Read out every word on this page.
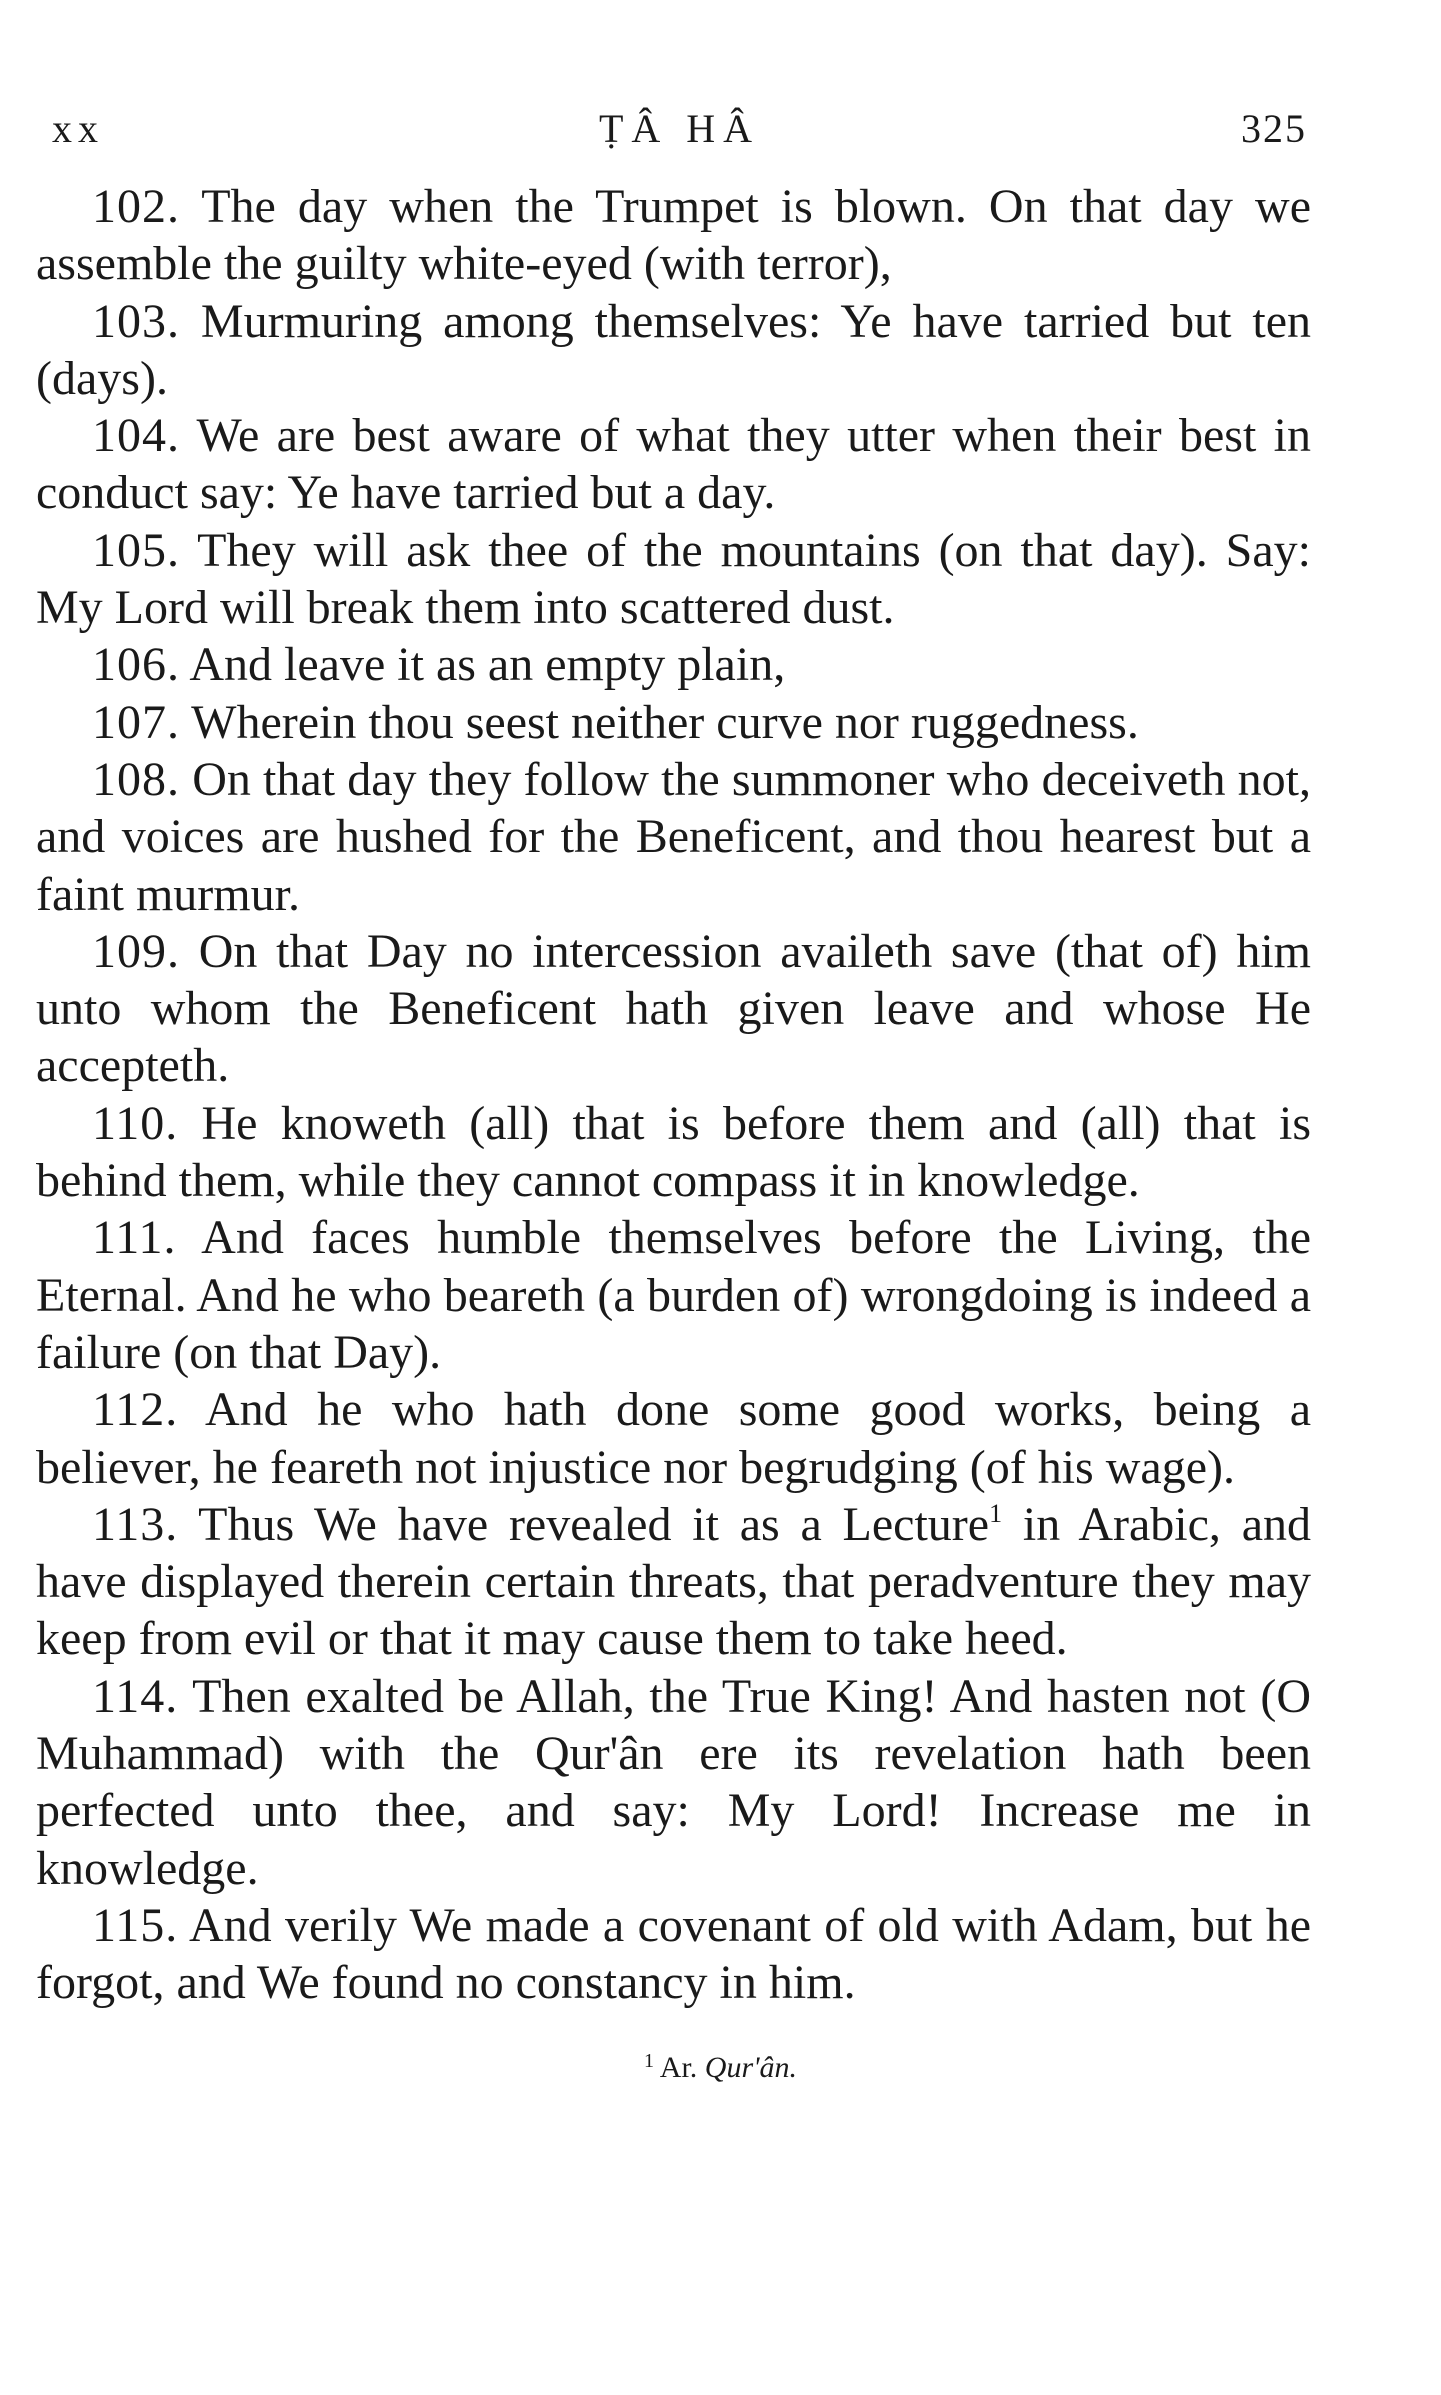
xx	ṬÂ HÂ	325

102. The day when the Trumpet is blown. On that day we assemble the guilty white-eyed (with terror),

103. Murmuring among themselves: Ye have tarried but ten (days).

104. We are best aware of what they utter when their best in conduct say: Ye have tarried but a day.

105. They will ask thee of the mountains (on that day). Say: My Lord will break them into scattered dust.

106. And leave it as an empty plain,

107. Wherein thou seest neither curve nor ruggedness.

108. On that day they follow the summoner who deceiveth not, and voices are hushed for the Beneficent, and thou hearest but a faint murmur.

109. On that Day no intercession availeth save (that of) him unto whom the Beneficent hath given leave and whose He accepteth.

110. He knoweth (all) that is before them and (all) that is behind them, while they cannot compass it in knowledge.

111. And faces humble themselves before the Living, the Eternal. And he who beareth (a burden of) wrongdoing is indeed a failure (on that Day).

112. And he who hath done some good works, being a believer, he feareth not injustice nor begrudging (of his wage).

113. Thus We have revealed it as a Lecture$^1$ in Arabic, and have displayed therein certain threats, that peradventure they may keep from evil or that it may cause them to take heed.

114. Then exalted be Allah, the True King! And hasten not (O Muhammad) with the Qur'ân ere its revelation hath been perfected unto thee, and say: My Lord! Increase me in knowledge.

115. And verily We made a covenant of old with Adam, but he forgot, and We found no constancy in him.

$^1$ Ar. Qur'ân.
